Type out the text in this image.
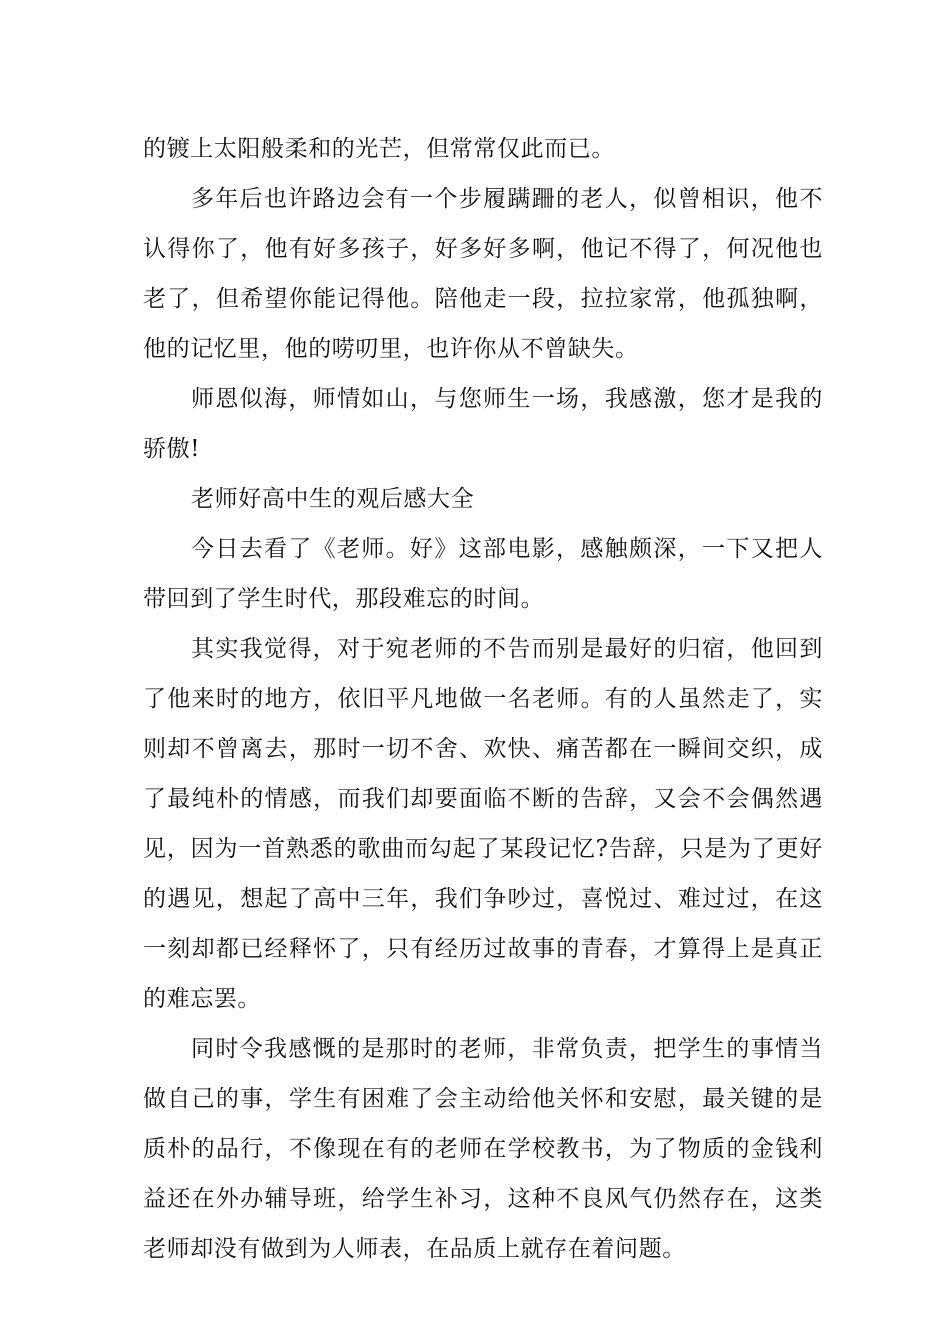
的镀上太阳般柔和的光芒，但常常仅此而已。

多年后也许路边会有一个步履蹒跚的老人，似曾相识，他不认得你了，他有好多孩子，好多好多啊，他记不得了，何况他也老了，但希望你能记得他。陪他走一段，拉拉家常，他孤独啊，他的记忆里，他的唠叨里，也许你从不曾缺失。

师恩似海，师情如山，与您师生一场，我感激，您才是我的骄傲!

老师好高中生的观后感大全

今日去看了《老师。好》这部电影，感触颇深，一下又把人带回到了学生时代，那段难忘的时间。

其实我觉得，对于宛老师的不告而别是最好的归宿，他回到了他来时的地方，依旧平凡地做一名老师。有的人虽然走了，实则却不曾离去，那时一切不舍、欢快、痛苦都在一瞬间交织，成了最纯朴的情感，而我们却要面临不断的告辞，又会不会偶然遇见，因为一首熟悉的歌曲而勾起了某段记忆?告辞，只是为了更好的遇见，想起了高中三年，我们争吵过，喜悦过、难过过，在这一刻却都已经释怀了，只有经历过故事的青春，才算得上是真正的难忘罢。

同时令我感慨的是那时的老师，非常负责，把学生的事情当做自己的事，学生有困难了会主动给他关怀和安慰，最关键的是质朴的品行，不像现在有的老师在学校教书，为了物质的金钱利益还在外办辅导班，给学生补习，这种不良风气仍然存在，这类老师却没有做到为人师表，在品质上就存在着问题。
